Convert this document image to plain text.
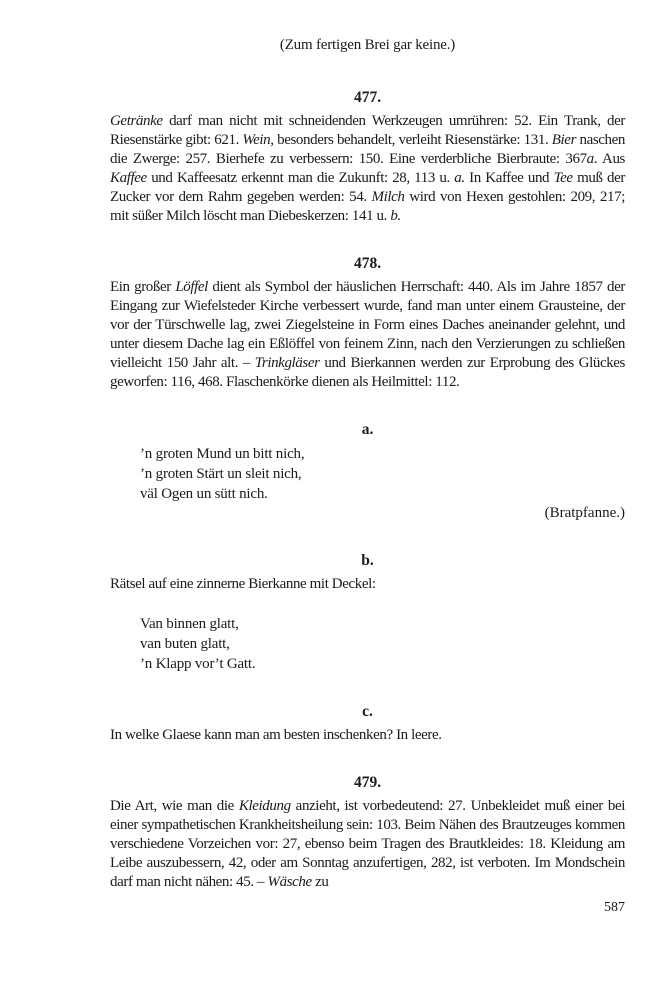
(Zum fertigen Brei gar keine.)
477.

Getränke darf man nicht mit schneidenden Werkzeugen umrühren: 52. Ein Trank, der Riesenstärke gibt: 621. Wein, besonders behandelt, verleiht Riesenstärke: 131. Bier naschen die Zwerge: 257. Bierhefe zu verbessern: 150. Eine verderbliche Bierbraute: 367a. Aus Kaffee und Kaffeesatz erkennt man die Zukunft: 28, 113 u. a. In Kaffee und Tee muß der Zucker vor dem Rahm gegeben werden: 54. Milch wird von Hexen gestohlen: 209, 217; mit süßer Milch löscht man Diebeskerzen: 141 u. b.

478.

Ein großer Löffel dient als Symbol der häuslichen Herrschaft: 440. Als im Jahre 1857 der Eingang zur Wiefelsteder Kirche verbessert wurde, fand man unter einem Grausteine, der vor der Türschwelle lag, zwei Ziegelsteine in Form eines Daches aneinander gelehnt, und unter diesem Dache lag ein Eßlöffel von feinem Zinn, nach den Verzierungen zu schließen vielleicht 150 Jahr alt. – Trinkgläser und Bierkannen werden zur Erprobung des Glückes geworfen: 116, 468. Flaschenkörke dienen als Heilmittel: 112.

a.
’n groten Mund un bitt nich,
’n groten Stärt un sleit nich,
väl Ogen un sütt nich.
(Bratpfanne.)
b.

Rätsel auf eine zinnerne Bierkanne mit Deckel:

Van binnen glatt,
van buten glatt,
’n Klapp vor’t Gatt.
c.

In welke Glaese kann man am besten inschenken? In leere.

479.

Die Art, wie man die Kleidung anzieht, ist vorbedeutend: 27. Unbekleidet muß einer bei einer sympathetischen Krankheitsheilung sein: 103. Beim Nähen des Brautzeuges kommen verschiedene Vorzeichen vor: 27, ebenso beim Tragen des Brautkleides: 18. Kleidung am Leibe auszubessern, 42, oder am Sonntag anzufertigen, 282, ist verboten. Im Mondschein darf man nicht nähen: 45. – Wäsche zu

587
